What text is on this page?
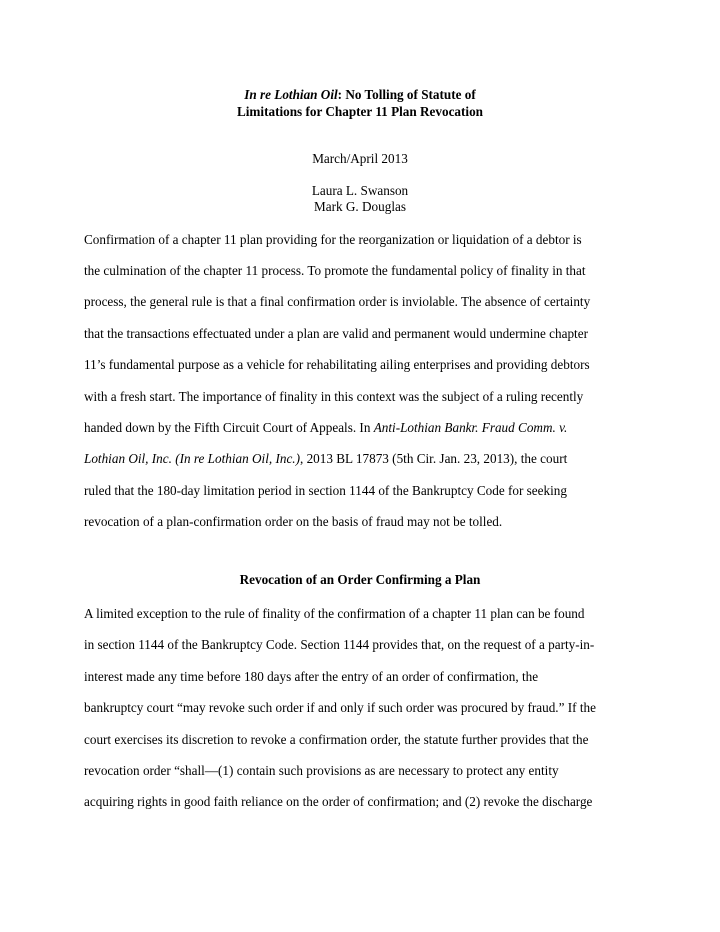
In re Lothian Oil: No Tolling of Statute of
Limitations for Chapter 11 Plan Revocation
March/April 2013
Laura L. Swanson
Mark G. Douglas
Confirmation of a chapter 11 plan providing for the reorganization or liquidation of a debtor is
the culmination of the chapter 11 process. To promote the fundamental policy of finality in that
process, the general rule is that a final confirmation order is inviolable. The absence of certainty
that the transactions effectuated under a plan are valid and permanent would undermine chapter
11’s fundamental purpose as a vehicle for rehabilitating ailing enterprises and providing debtors
with a fresh start. The importance of finality in this context was the subject of a ruling recently
handed down by the Fifth Circuit Court of Appeals. In Anti-Lothian Bankr. Fraud Comm. v.
Lothian Oil, Inc. (In re Lothian Oil, Inc.), 2013 BL 17873 (5th Cir. Jan. 23, 2013), the court
ruled that the 180-day limitation period in section 1144 of the Bankruptcy Code for seeking
revocation of a plan-confirmation order on the basis of fraud may not be tolled.
Revocation of an Order Confirming a Plan
A limited exception to the rule of finality of the confirmation of a chapter 11 plan can be found
in section 1144 of the Bankruptcy Code. Section 1144 provides that, on the request of a party-in-
interest made any time before 180 days after the entry of an order of confirmation, the
bankruptcy court “may revoke such order if and only if such order was procured by fraud.” If the
court exercises its discretion to revoke a confirmation order, the statute further provides that the
revocation order “shall—(1) contain such provisions as are necessary to protect any entity
acquiring rights in good faith reliance on the order of confirmation; and (2) revoke the discharge
